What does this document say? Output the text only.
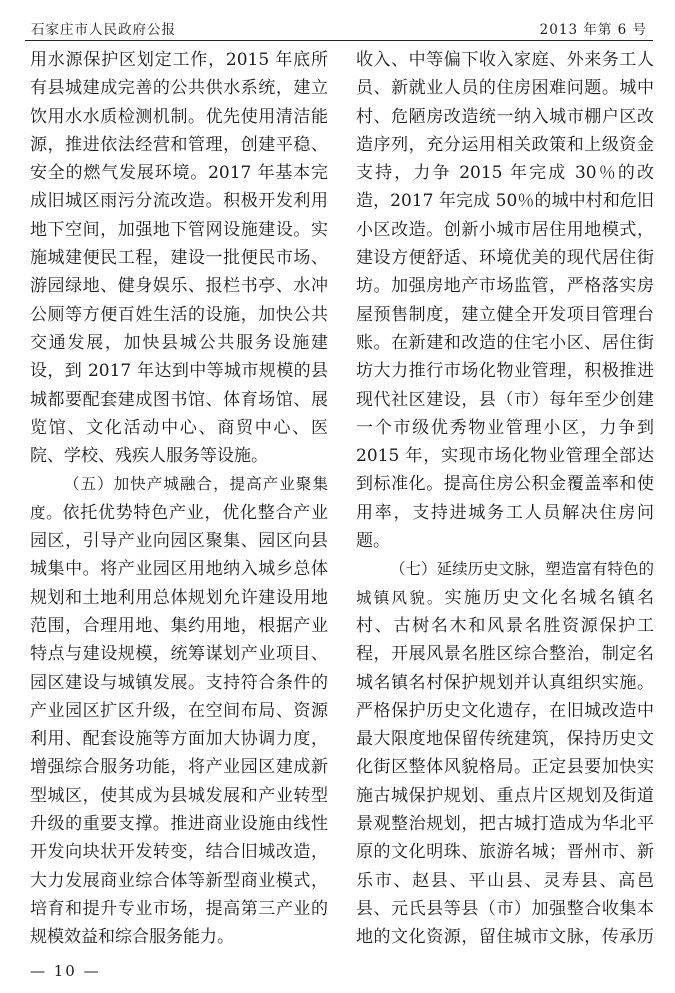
石家庄市人民政府公报	2013 年第 6 号

用水源保护区划定工作，2015 年底所有县城建成完善的公共供水系统，建立饮用水水质检测机制。优先使用清洁能源，推进依法经营和管理，创建平稳、安全的燃气发展环境。2017 年基本完成旧城区雨污分流改造。积极开发利用地下空间，加强地下管网设施建设。实施城建便民工程，建设一批便民市场、游园绿地、健身娱乐、报栏书亭、水冲公厕等方便百姓生活的设施，加快公共交通发展，加快县城公共服务设施建设，到 2017 年达到中等城市规模的县城都要配套建成图书馆、体育场馆、展览馆、文化活动中心、商贸中心、医院、学校、残疾人服务等设施。

（五）加快产城融合，提高产业聚集度。依托优势特色产业，优化整合产业园区，引导产业向园区聚集、园区向县城集中。将产业园区用地纳入城乡总体规划和土地利用总体规划允许建设用地范围，合理用地、集约用地，根据产业特点与建设规模，统筹谋划产业项目、园区建设与城镇发展。支持符合条件的产业园区扩区升级，在空间布局、资源利用、配套设施等方面加大协调力度，增强综合服务功能，将产业园区建成新型城区，使其成为县城发展和产业转型升级的重要支撑。推进商业设施由线性开发向块状开发转变，结合旧城改造，大力发展商业综合体等新型商业模式，培育和提升专业市场，提高第三产业的规模效益和综合服务能力。

收入、中等偏下收入家庭、外来务工人员、新就业人员的住房困难问题。城中村、危陋房改造统一纳入城市棚户区改造序列，充分运用相关政策和上级资金支持，力争 2015 年完成 30％的改造，2017 年完成 50％的城中村和危旧小区改造。创新小城市居住用地模式，建设方便舒适、环境优美的现代居住街坊。加强房地产市场监管，严格落实房屋预售制度，建立健全开发项目管理台账。在新建和改造的住宅小区、居住街坊大力推行市场化物业管理，积极推进现代社区建设，县（市）每年至少创建一个市级优秀物业管理小区，力争到 2015 年，实现市场化物业管理全部达到标准化。提高住房公积金覆盖率和使用率，支持进城务工人员解决住房问题。

（七）延续历史文脉，塑造富有特色的城镇风貌。实施历史文化名城名镇名村、古树名木和风景名胜资源保护工程，开展风景名胜区综合整治，制定名城名镇名村保护规划并认真组织实施。严格保护历史文化遗存，在旧城改造中最大限度地保留传统建筑，保持历史文化街区整体风貌格局。正定县要加快实施古城保护规划、重点片区规划及街道景观整治规划，把古城打造成为华北平原的文化明珠、旅游名城；晋州市、新乐市、赵县、平山县、灵寿县、高邑县、元氏县等县（市）加强整合收集本地的文化资源，留住城市文脉，传承历

— 10 —
